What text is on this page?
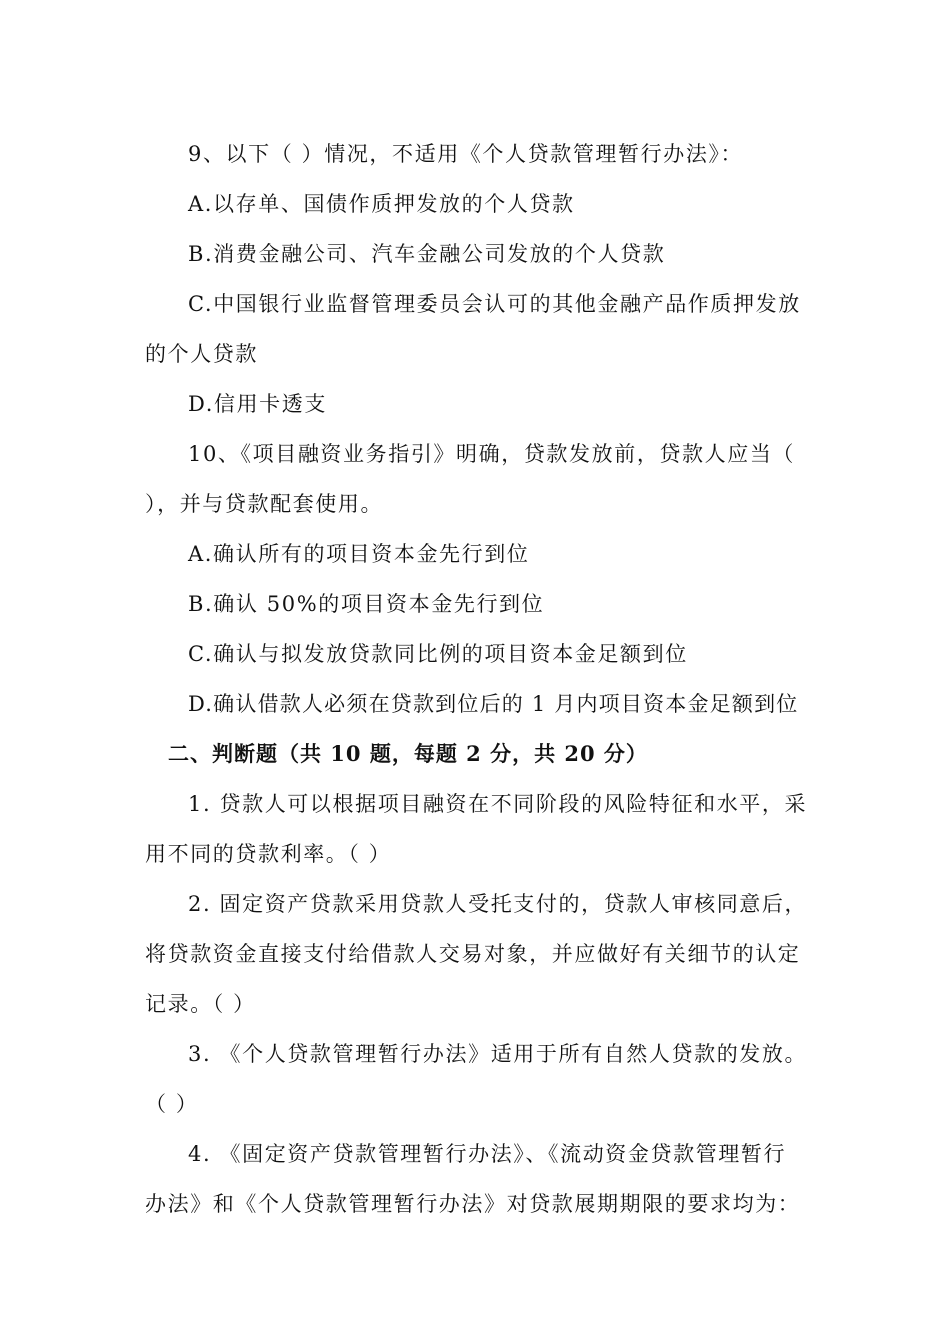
9、以下（ ）情况，不适用《个人贷款管理暂行办法》：
A.以存单、国债作质押发放的个人贷款
B.消费金融公司、汽车金融公司发放的个人贷款
C.中国银行业监督管理委员会认可的其他金融产品作质押发放
的个人贷款
D.信用卡透支
10、《项目融资业务指引》明确，贷款发放前，贷款人应当（
），并与贷款配套使用。
A.确认所有的项目资本金先行到位
B.确认 50%的项目资本金先行到位
C.确认与拟发放贷款同比例的项目资本金足额到位
D.确认借款人必须在贷款到位后的 1 月内项目资本金足额到位
二、判断题（共 10 题，每题 2 分，共 20 分）
1. 贷款人可以根据项目融资在不同阶段的风险特征和水平，采
用不同的贷款利率。（ ）
2. 固定资产贷款采用贷款人受托支付的，贷款人审核同意后，
将贷款资金直接支付给借款人交易对象，并应做好有关细节的认定
记录。（ ）
3. 《个人贷款管理暂行办法》适用于所有自然人贷款的发放。
（ ）
4. 《固定资产贷款管理暂行办法》、《流动资金贷款管理暂行
办法》和《个人贷款管理暂行办法》对贷款展期期限的要求均为：
